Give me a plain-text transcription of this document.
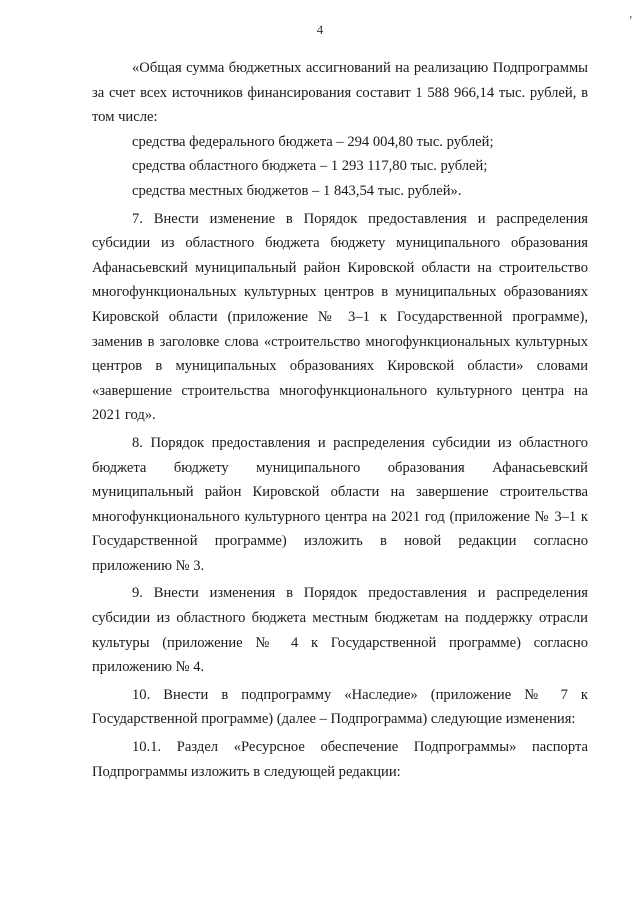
4
'

«Общая сумма бюджетных ассигнований на реализацию Подпрограммы за счет всех источников финансирования составит 1 588 966,14 тыс. рублей, в том числе:

средства федерального бюджета – 294 004,80 тыс. рублей;

средства областного бюджета – 1 293 117,80 тыс. рублей;

средства местных бюджетов – 1 843,54 тыс. рублей».

7. Внести изменение в Порядок предоставления и распределения субсидии из областного бюджета бюджету муниципального образования Афанасьевский муниципальный район Кировской области на строительство многофункциональных культурных центров в муниципальных образованиях Кировской области (приложение № 3–1 к Государственной программе), заменив в заголовке слова «строительство многофункциональных культурных центров в муниципальных образованиях Кировской области» словами «завершение строительства многофункционального культурного центра на 2021 год».

8. Порядок предоставления и распределения субсидии из областного бюджета бюджету муниципального образования Афанасьевский муниципальный район Кировской области на завершение строительства многофункционального культурного центра на 2021 год (приложение № 3–1 к Государственной программе) изложить в новой редакции согласно приложению № 3.

9. Внести изменения в Порядок предоставления и распределения субсидии из областного бюджета местным бюджетам на поддержку отрасли культуры (приложение № 4 к Государственной программе) согласно приложению № 4.

10. Внести в подпрограмму «Наследие» (приложение № 7 к Государственной программе) (далее – Подпрограмма) следующие изменения:

10.1. Раздел «Ресурсное обеспечение Подпрограммы» паспорта Подпрограммы изложить в следующей редакции:
